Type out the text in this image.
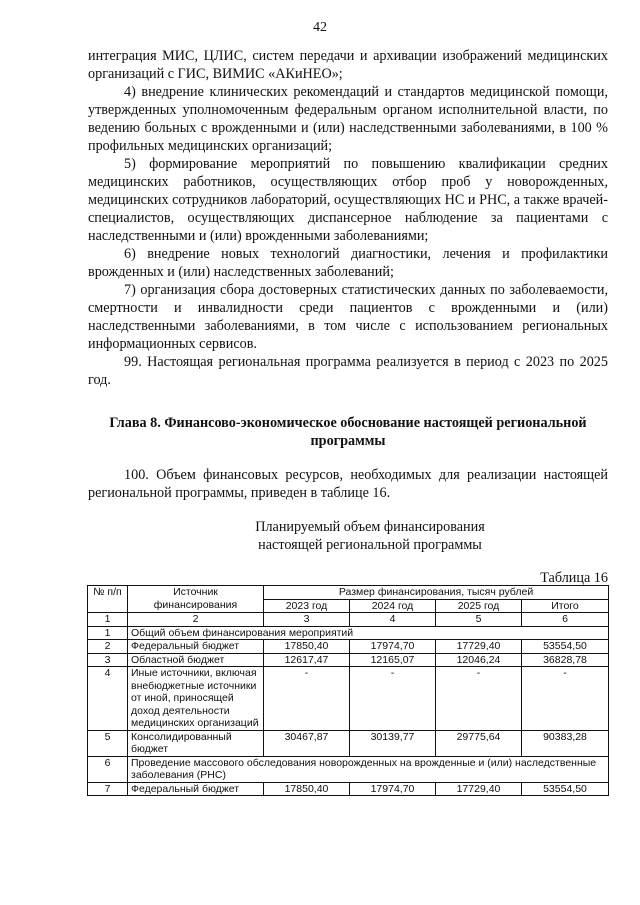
42

интеграция МИС, ЦЛИС, систем передачи и архивации изображений медицинских организаций с ГИС, ВИМИС «АКиНЕО»;

4) внедрение клинических рекомендаций и стандартов медицинской помощи, утвержденных уполномоченным федеральным органом исполнительной власти, по ведению больных с врожденными и (или) наследственными заболеваниями, в 100 % профильных медицинских организаций;

5) формирование мероприятий по повышению квалификации средних медицинских работников, осуществляющих отбор проб у новорожденных, медицинских сотрудников лабораторий, осуществляющих НС и РНС, а также врачей-специалистов, осуществляющих диспансерное наблюдение за пациентами с наследственными и (или) врожденными заболеваниями;

6) внедрение новых технологий диагностики, лечения и профилактики врожденных и (или) наследственных заболеваний;

7) организация сбора достоверных статистических данных по заболеваемости, смертности и инвалидности среди пациентов с врожденными и (или) наследственными заболеваниями, в том числе с использованием региональных информационных сервисов.

99. Настоящая региональная программа реализуется в период с 2023 по 2025 год.

Глава 8. Финансово-экономическое обоснование настоящей региональной программы
100. Объем финансовых ресурсов, необходимых для реализации настоящей региональной программы, приведен в таблице 16.
Планируемый объем финансирования настоящей региональной программы
Таблица 16
№ п/п	Источник финансирования	Размер финансирования, тысяч рублей			
		2023 год	2024 год	2025 год	Итого
1	2	3	4	5	6
1	Общий объем финансирования мероприятий				
2	Федеральный бюджет	17850,40	17974,70	17729,40	53554,50
3	Областной бюджет	12617,47	12165,07	12046,24	36828,78
4	Иные источники, включая внебюджетные источники от иной, приносящей доход деятельности медицинских организаций	-	-	-	-
5	Консолидированный бюджет	30467,87	30139,77	29775,64	90383,28
6	Проведение массового обследования новорожденных на врожденные и (или) наследственные заболевания (РНС)				
7	Федеральный бюджет	17850,40	17974,70	17729,40	53554,50
